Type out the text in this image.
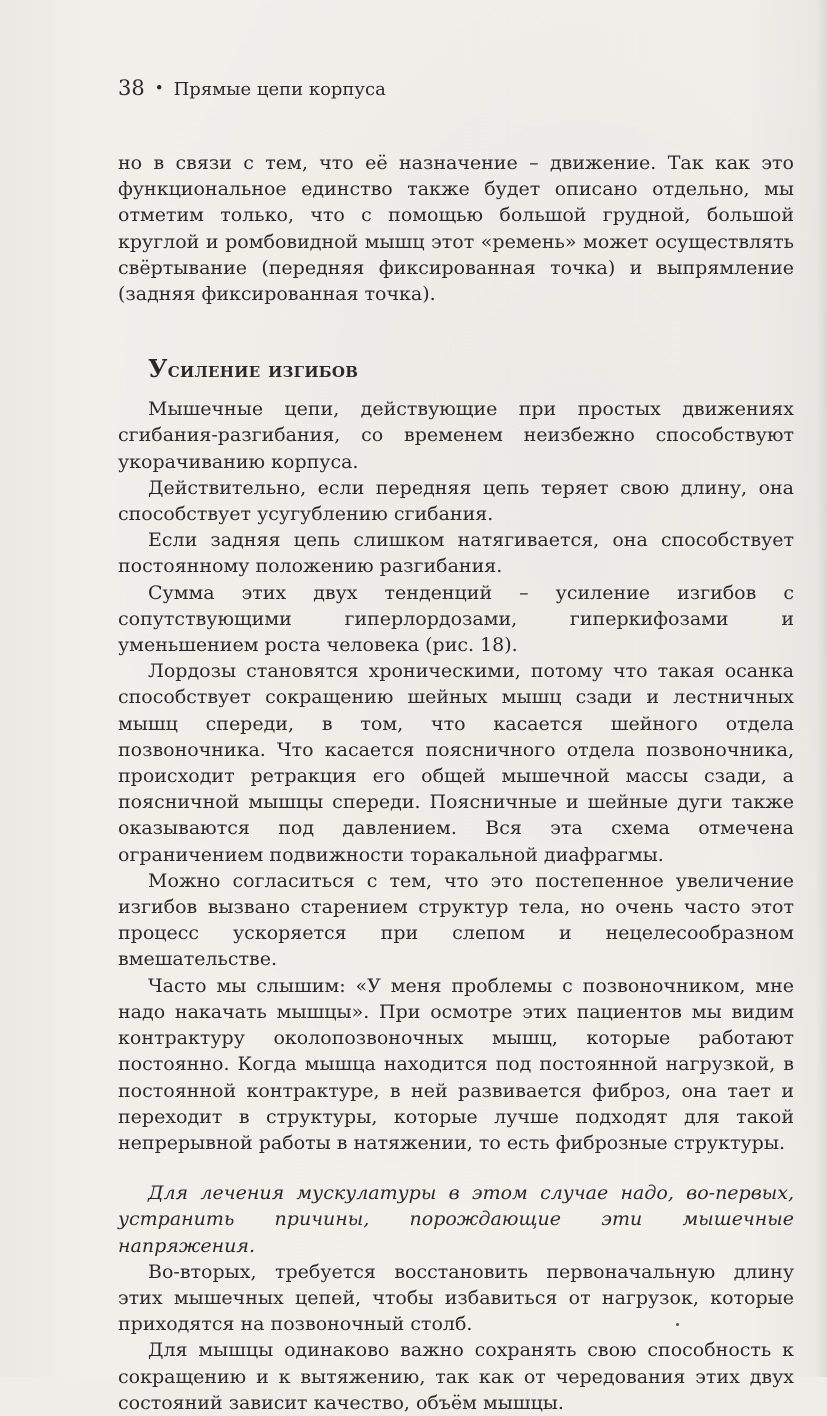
38 • Прямые цепи корпуса

но в связи с тем, что её назначение – движение. Так как это функциональное единство также будет описано отдельно, мы отметим только, что с помощью большой грудной, большой круглой и ромбовидной мышц этот «ремень» может осуществлять свёртывание (передняя фиксированная точка) и выпрямление (задняя фиксированная точка).

Усиление изгибов

Мышечные цепи, действующие при простых движениях сгибания-разгибания, со временем неизбежно способствуют укорачиванию корпуса.

Действительно, если передняя цепь теряет свою длину, она способствует усугублению сгибания.

Если задняя цепь слишком натягивается, она способствует постоянному положению разгибания.

Сумма этих двух тенденций – усиление изгибов с сопутствующими гиперлордозами, гиперкифозами и уменьшением роста человека (рис. 18).

Лордозы становятся хроническими, потому что такая осанка способствует сокращению шейных мышц сзади и лестничных мышц спереди, в том, что касается шейного отдела позвоночника. Что касается поясничного отдела позвоночника, происходит ретракция его общей мышечной массы сзади, а поясничной мышцы спереди. Поясничные и шейные дуги также оказываются под давлением. Вся эта схема отмечена ограничением подвижности торакальной диафрагмы.

Можно согласиться с тем, что это постепенное увеличение изгибов вызвано старением структур тела, но очень часто этот процесс ускоряется при слепом и нецелесообразном вмешательстве.

Часто мы слышим: «У меня проблемы с позвоночником, мне надо накачать мышцы». При осмотре этих пациентов мы видим контрактуру околопозвоночных мышц, которые работают постоянно. Когда мышца находится под постоянной нагрузкой, в постоянной контрактуре, в ней развивается фиброз, она тает и переходит в структуры, которые лучше подходят для такой непрерывной работы в натяжении, то есть фиброзные структуры.

Для лечения мускулатуры в этом случае надо, во-первых, устранить причины, порождающие эти мышечные напряжения.

Во-вторых, требуется восстановить первоначальную длину этих мышечных цепей, чтобы избавиться от нагрузок, которые приходятся на позвоночный столб.

Для мышцы одинаково важно сохранять свою способность к сокращению и к вытяжению, так как от чередования этих двух состояний зависит качество, объём мышцы.
